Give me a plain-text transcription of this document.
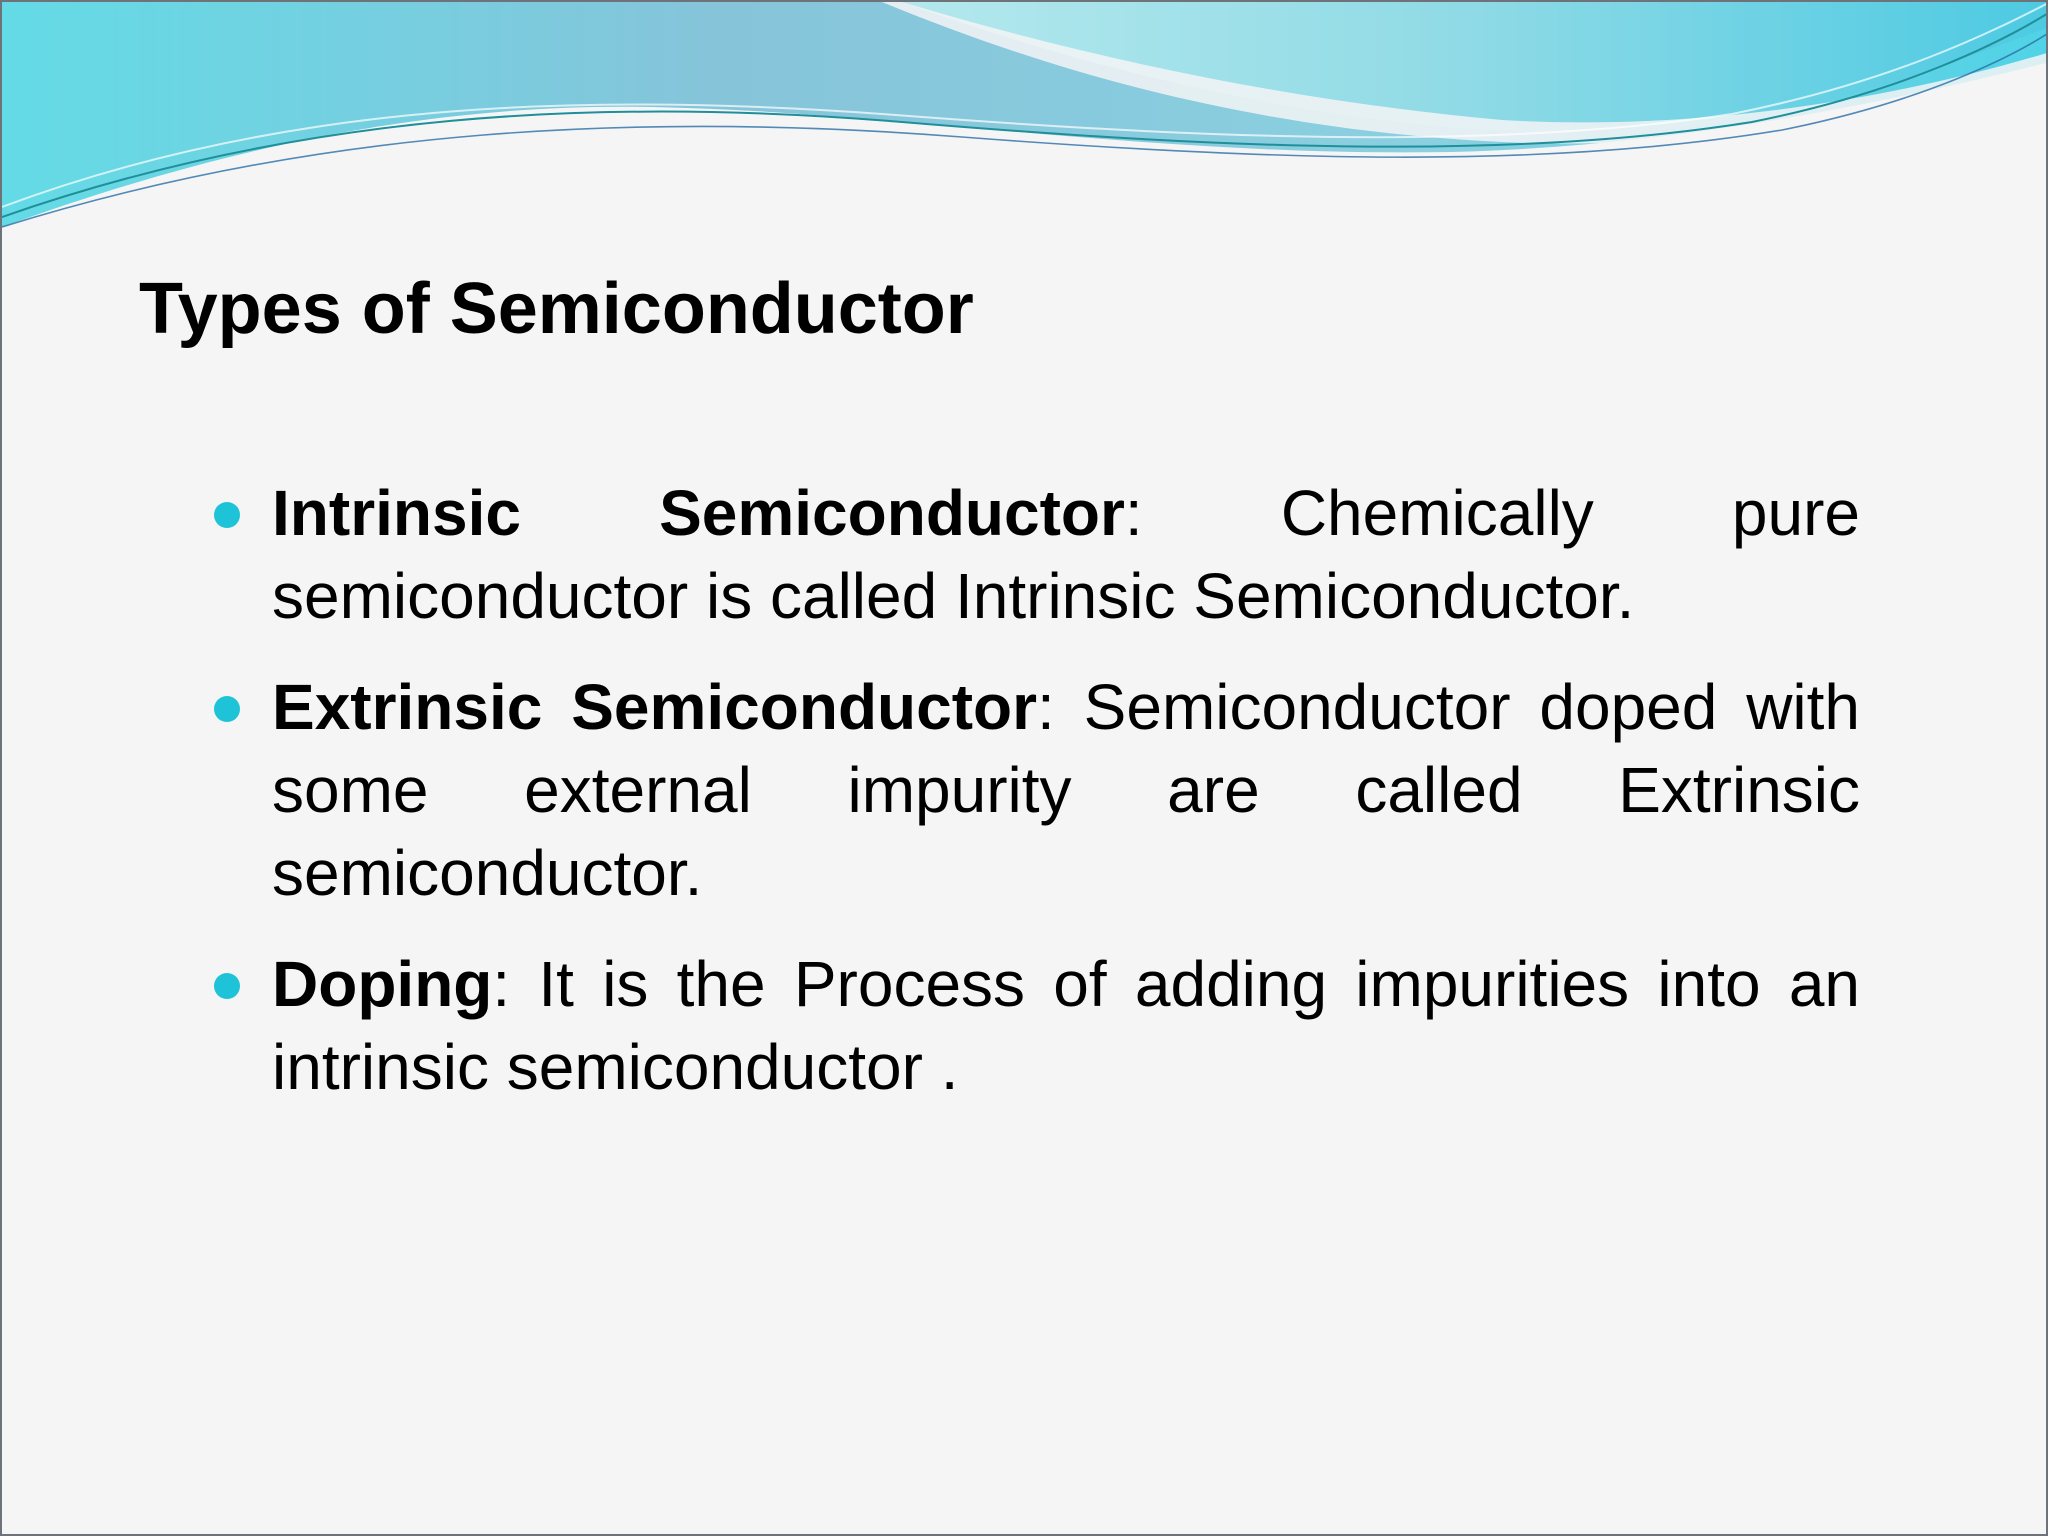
Types of Semiconductor
Intrinsic Semiconductor: Chemically pure semiconductor is called Intrinsic Semiconductor.
Extrinsic Semiconductor: Semiconductor doped with some external impurity are called Extrinsic semiconductor.
Doping: It is the Process of adding impurities into an intrinsic semiconductor .
